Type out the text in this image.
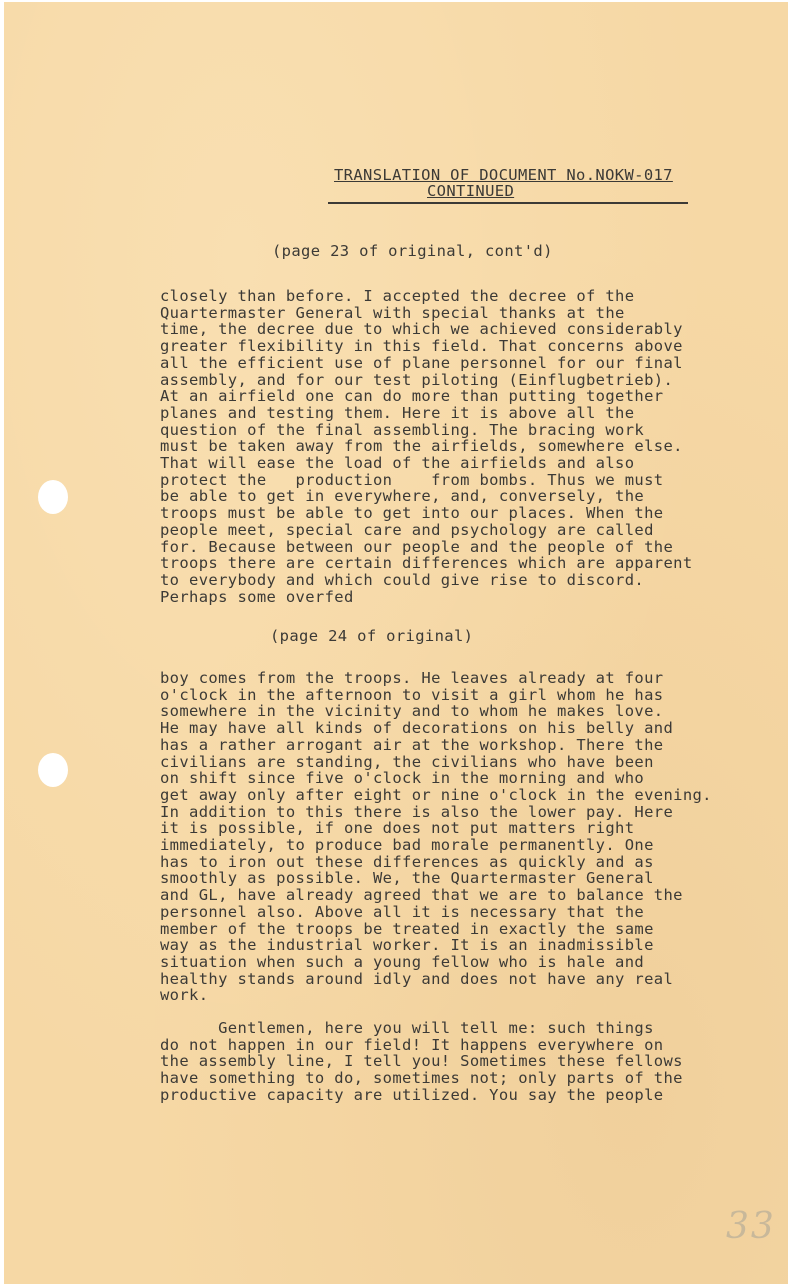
TRANSLATION OF DOCUMENT No.NOKW-017
CONTINUED
(page 23 of original, cont'd)
closely than before. I accepted the decree of the
Quartermaster General with special thanks at the
time, the decree due to which we achieved considerably
greater flexibility in this field. That concerns above
all the efficient use of plane personnel for our final
assembly, and for our test piloting (Einflugbetrieb).
At an airfield one can do more than putting together
planes and testing them. Here it is above all the
question of the final assembling. The bracing work
must be taken away from the airfields, somewhere else.
That will ease the load of the airfields and also
protect the   production    from bombs. Thus we must
be able to get in everywhere, and, conversely, the
troops must be able to get into our places. When the
people meet, special care and psychology are called
for. Because between our people and the people of the
troops there are certain differences which are apparent
to everybody and which could give rise to discord.
Perhaps some overfed
(page 24 of original)
boy comes from the troops. He leaves already at four
o'clock in the afternoon to visit a girl whom he has
somewhere in the vicinity and to whom he makes love.
He may have all kinds of decorations on his belly and
has a rather arrogant air at the workshop. There the
civilians are standing, the civilians who have been
on shift since five o'clock in the morning and who
get away only after eight or nine o'clock in the evening.
In addition to this there is also the lower pay. Here
it is possible, if one does not put matters right
immediately, to produce bad morale permanently. One
has to iron out these differences as quickly and as
smoothly as possible. We, the Quartermaster General
and GL, have already agreed that we are to balance the
personnel also. Above all it is necessary that the
member of the troops be treated in exactly the same
way as the industrial worker. It is an inadmissible
situation when such a young fellow who is hale and
healthy stands around idly and does not have any real
work.
Gentlemen, here you will tell me: such things
do not happen in our field! It happens everywhere on
the assembly line, I tell you! Sometimes these fellows
have something to do, sometimes not; only parts of the
productive capacity are utilized. You say the people
33
